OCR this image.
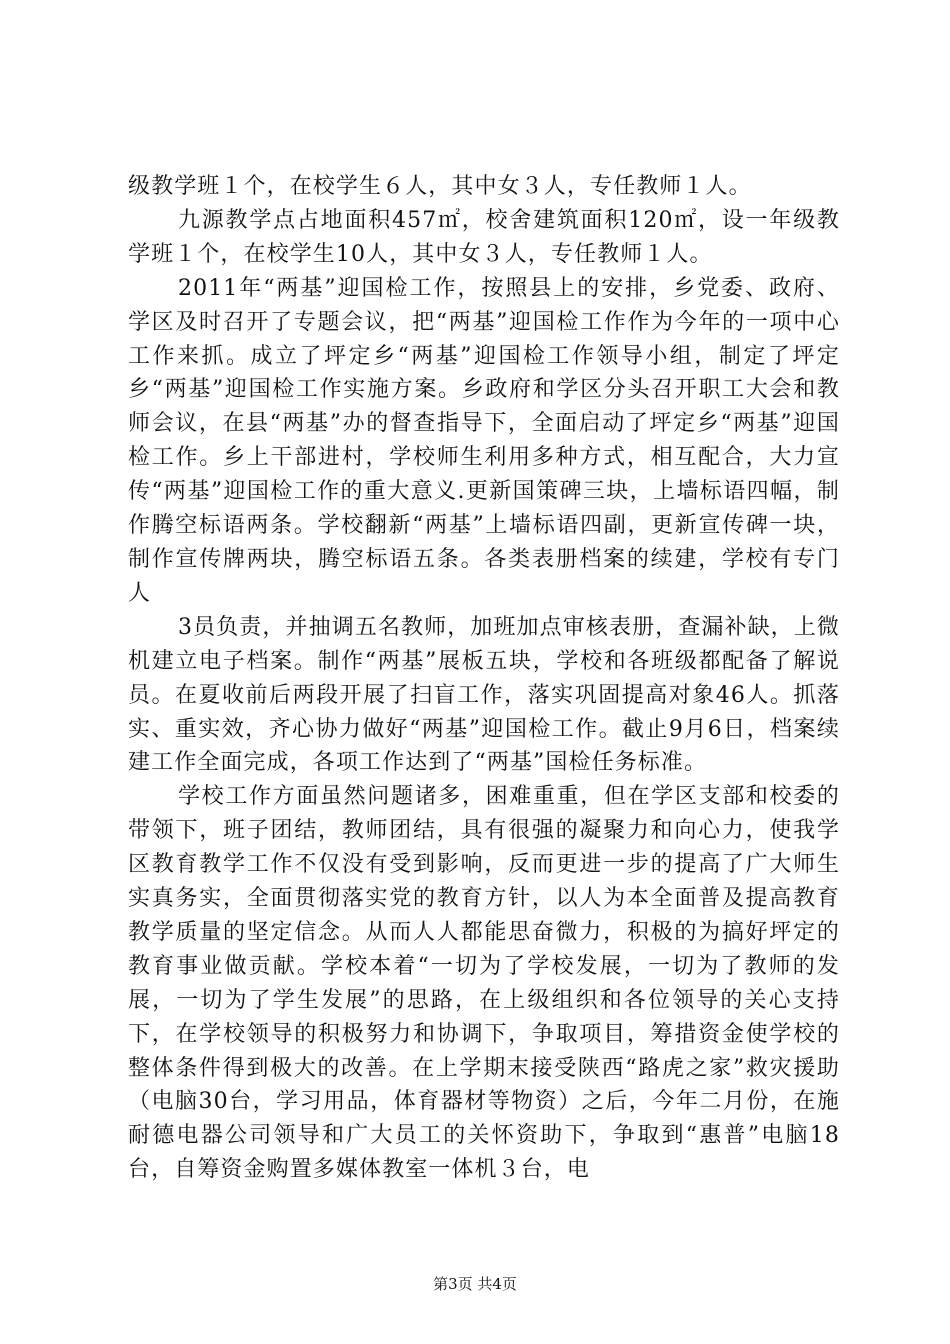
级教学班１个，在校学生６人，其中女３人，专任教师１人。

九源教学点占地面积457㎡，校舍建筑面积120㎡，设一年级教学班１个，在校学生10人，其中女３人，专任教师１人。

2011年“两基”迎国检工作，按照县上的安排，乡党委、政府、学区及时召开了专题会议，把“两基”迎国检工作作为今年的一项中心工作来抓。成立了坪定乡“两基”迎国检工作领导小组，制定了坪定乡“两基”迎国检工作实施方案。乡政府和学区分头召开职工大会和教师会议，在县“两基”办的督查指导下，全面启动了坪定乡“两基”迎国检工作。乡上干部进村，学校师生利用多种方式，相互配合，大力宣传“两基”迎国检工作的重大意义.更新国策碑三块，上墙标语四幅，制作腾空标语两条。学校翻新“两基”上墙标语四副，更新宣传碑一块，制作宣传牌两块，腾空标语五条。各类表册档案的续建，学校有专门人

3员负责，并抽调五名教师，加班加点审核表册，查漏补缺，上微机建立电子档案。制作“两基”展板五块，学校和各班级都配备了解说员。在夏收前后两段开展了扫盲工作，落实巩固提高对象46人。抓落实、重实效，齐心协力做好“两基”迎国检工作。截止9月6日，档案续建工作全面完成，各项工作达到了“两基”国检任务标准。

学校工作方面虽然问题诸多，困难重重，但在学区支部和校委的带领下，班子团结，教师团结，具有很强的凝聚力和向心力，使我学区教育教学工作不仅没有受到影响，反而更进一步的提高了广大师生实真务实，全面贯彻落实党的教育方针，以人为本全面普及提高教育教学质量的坚定信念。从而人人都能思奋微力，积极的为搞好坪定的教育事业做贡献。学校本着“一切为了学校发展，一切为了教师的发展，一切为了学生发展”的思路，在上级组织和各位领导的关心支持下，在学校领导的积极努力和协调下，争取项目，筹措资金使学校的整体条件得到极大的改善。在上学期末接受陕西“路虎之家”救灾援助（电脑30台，学习用品，体育器材等物资）之后，今年二月份，在施耐德电器公司领导和广大员工的关怀资助下，争取到“惠普”电脑18台，自筹资金购置多媒体教室一体机３台，电

第3页 共4页
